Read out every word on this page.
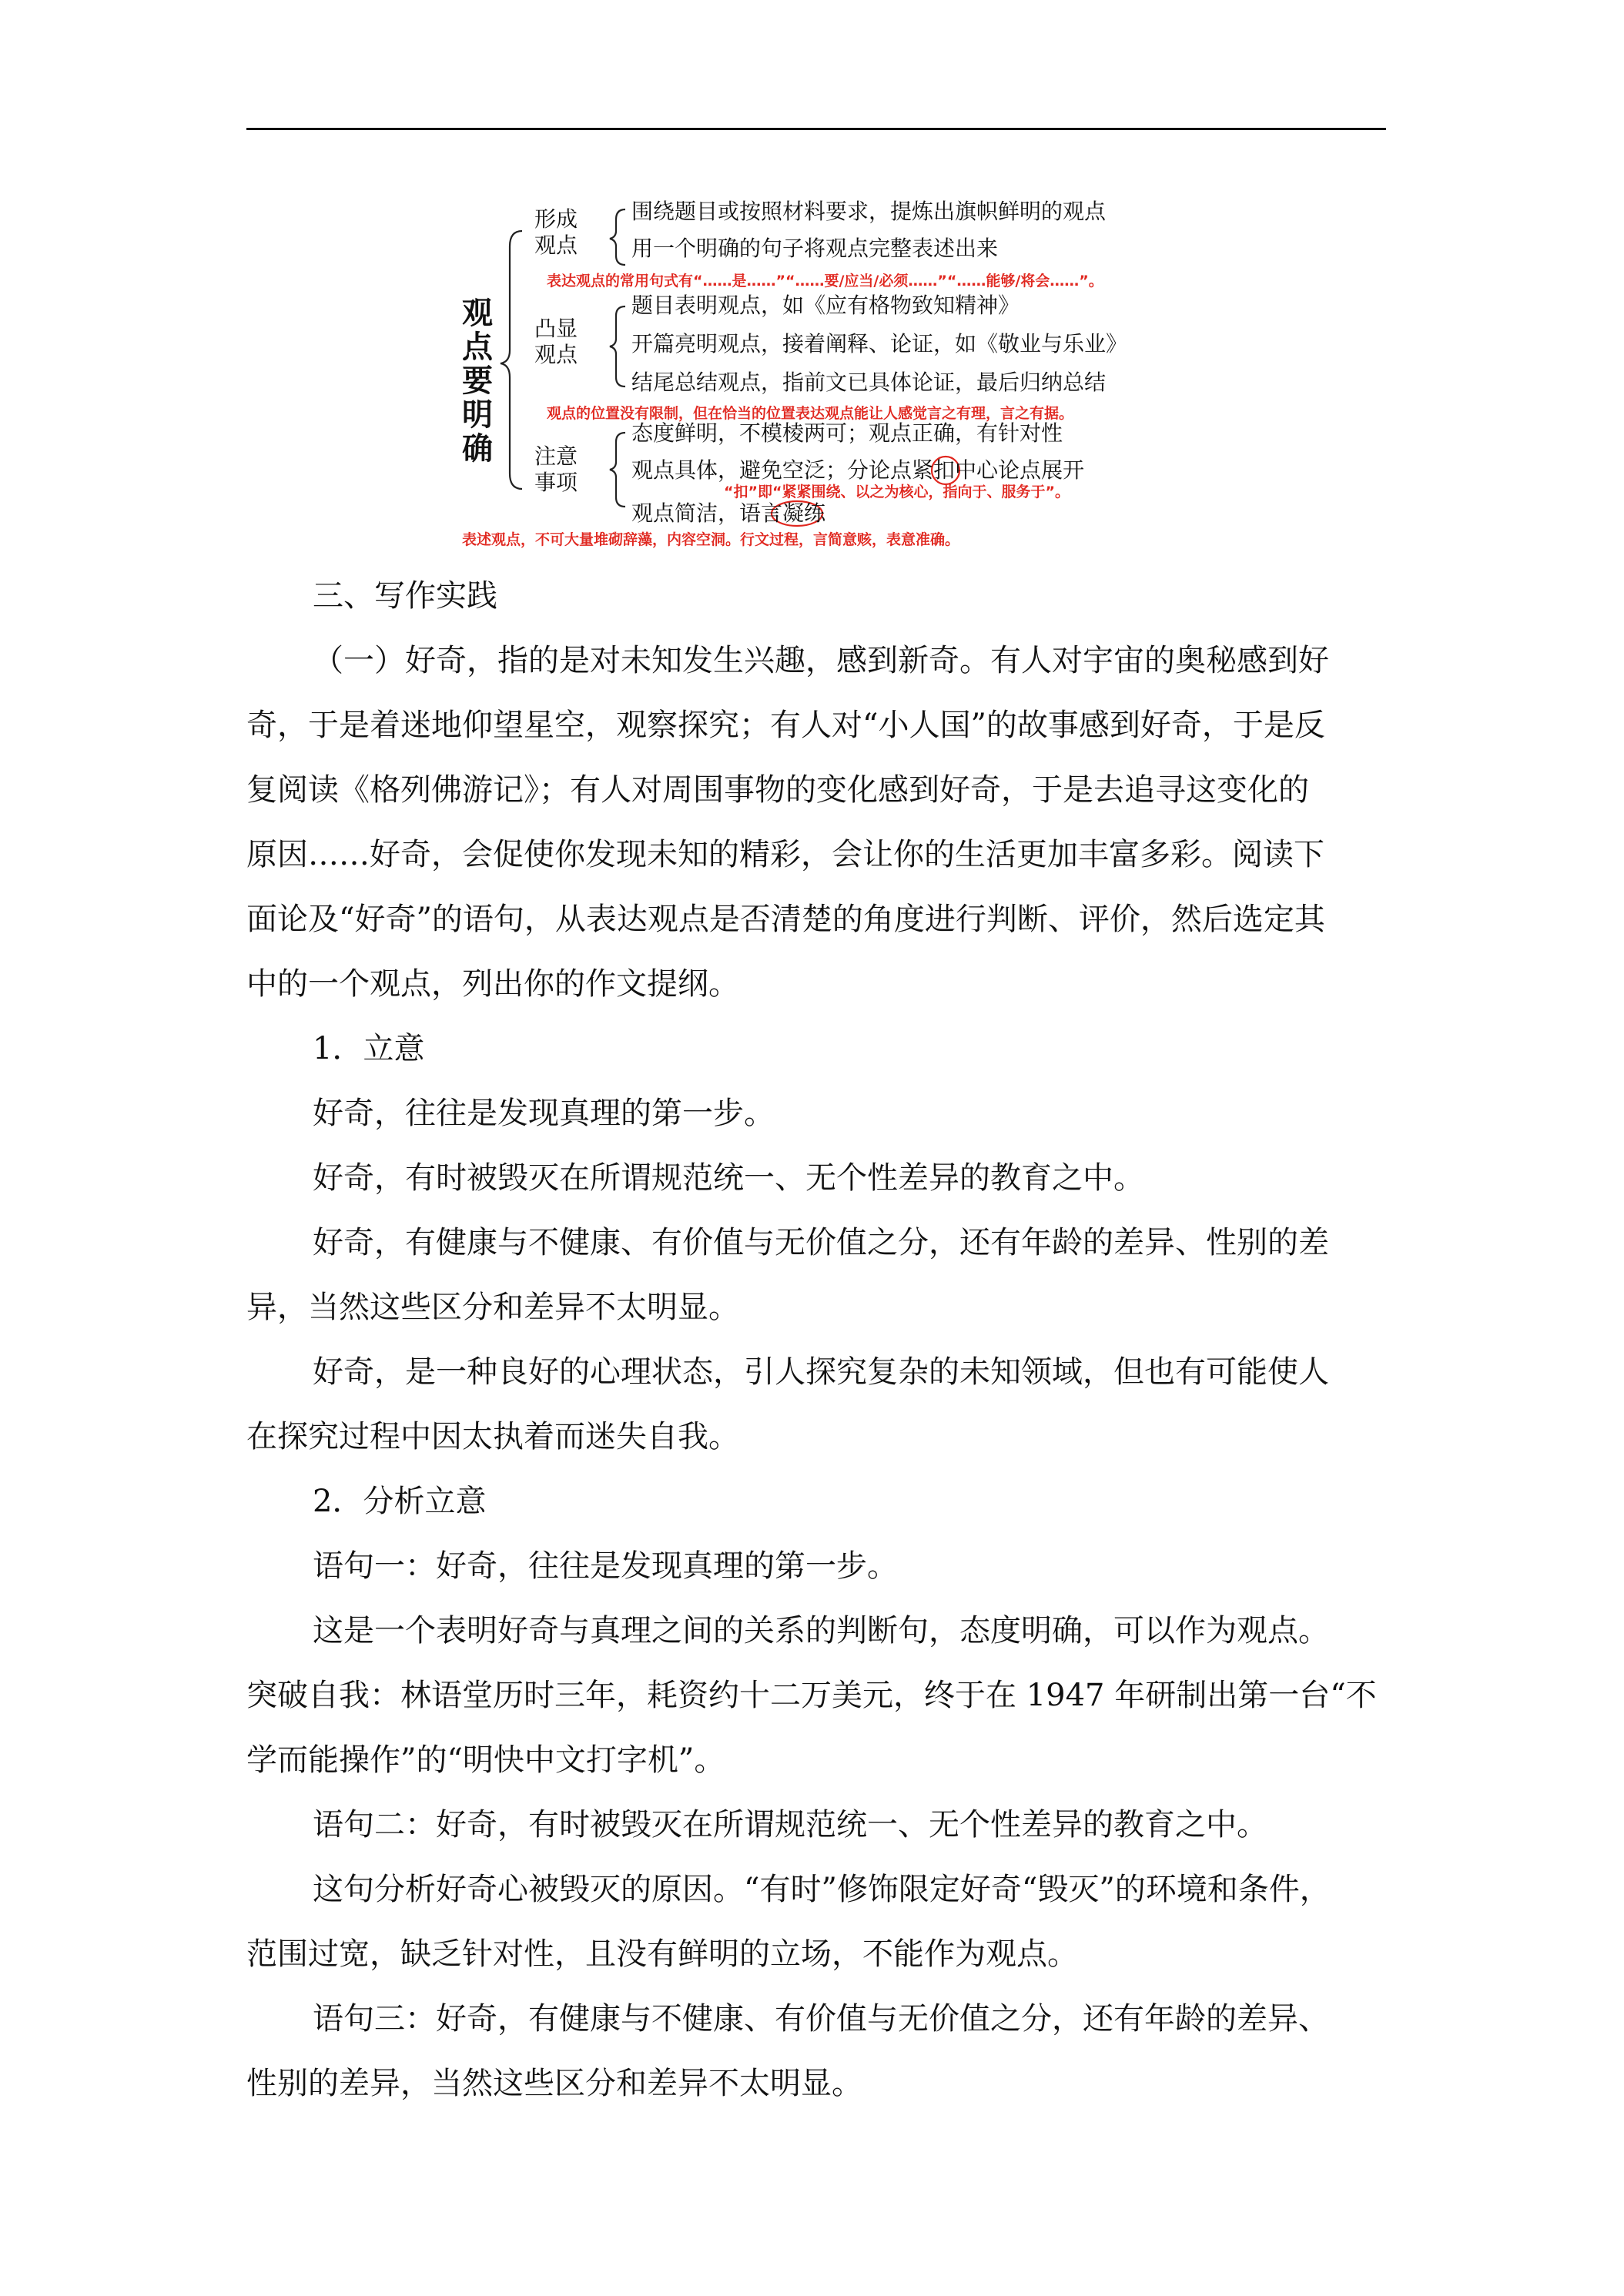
观点要明确
形成观点
围绕题目或按照材料要求，提炼出旗帜鲜明的观点
用一个明确的句子将观点完整表述出来
表达观点的常用句式有“……是……”“……要/应当/必须……”“……能够/将会……”。
凸显观点
题目表明观点，如《应有格物致知精神》
开篇亮明观点，接着阐释、论证，如《敬业与乐业》
结尾总结观点，指前文已具体论证，最后归纳总结
观点的位置没有限制，但在恰当的位置表达观点能让人感觉言之有理，言之有据。
注意事项
态度鲜明，不模棱两可；观点正确，有针对性
观点具体，避免空泛；分论点紧扣中心论点展开
“扣”即“紧紧围绕、以之为核心，指向于、服务于”。
观点简洁，语言凝练
表述观点，不可大量堆砌辞藻，内容空洞。行文过程，言简意赅，表意准确。
三、写作实践
（一）好奇，指的是对未知发生兴趣，感到新奇。有人对宇宙的奥秘感到好
奇，于是着迷地仰望星空，观察探究；有人对“小人国”的故事感到好奇，于是反
复阅读《格列佛游记》；有人对周围事物的变化感到好奇，于是去追寻这变化的
原因……好奇，会促使你发现未知的精彩，会让你的生活更加丰富多彩。阅读下
面论及“好奇”的语句，从表达观点是否清楚的角度进行判断、评价，然后选定其
中的一个观点，列出你的作文提纲。
1．立意
好奇，往往是发现真理的第一步。
好奇，有时被毁灭在所谓规范统一、无个性差异的教育之中。
好奇，有健康与不健康、有价值与无价值之分，还有年龄的差异、性别的差
异，当然这些区分和差异不太明显。
好奇，是一种良好的心理状态，引人探究复杂的未知领域，但也有可能使人
在探究过程中因太执着而迷失自我。
2．分析立意
语句一：好奇，往往是发现真理的第一步。
这是一个表明好奇与真理之间的关系的判断句，态度明确，可以作为观点。
突破自我：林语堂历时三年，耗资约十二万美元，终于在 1947 年研制出第一台“不
学而能操作”的“明快中文打字机”。
语句二：好奇，有时被毁灭在所谓规范统一、无个性差异的教育之中。
这句分析好奇心被毁灭的原因。“有时”修饰限定好奇“毁灭”的环境和条件，
范围过宽，缺乏针对性，且没有鲜明的立场，不能作为观点。
语句三：好奇，有健康与不健康、有价值与无价值之分，还有年龄的差异、
性别的差异，当然这些区分和差异不太明显。
